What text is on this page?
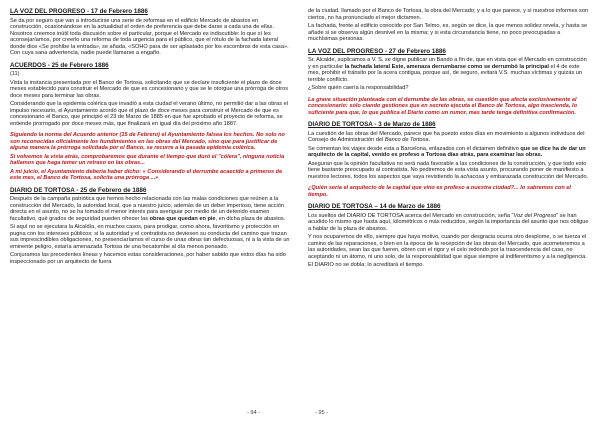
LA VOZ DEL PROGRESO - 17 de Febrero 1886

Se da por seguro que van a introducirse una serie de reformas en el edificio Mercado de abastos en construcción, ocasionándose en la actualidad el orden de preferencia que debe darse a cada una de ellas. Nosotros creemos inútil toda discusión sobre el particular, porque el Mercado es indiscutible: lo que sí les aconsejaríamos, por creerlo una reforma de toda urgencia para el público, que el rótulo de la fachada lateral donde dice «Se prohíbe la entrada», se añada, «SOHO para de ser aplastado por los escombros de esta casa». Con cuya sana advertencia, nadie puede llamarse a engaño.

ACUERDOS - 25 de Febrero 1886

(11)

Vista la instancia presentada por el Banco de Tortosa, solicitando que se declare insuficiente el plazo de doce meses establecido para construir el Mercado de que es concesionario y que se le otorgue una prórroga de otros doce meses para terminar las obras.

Considerando que la epidemia colérica que invadió a esta ciudad el verano último, no permitió dar a las obras el impulso necesario, el Ayuntamiento acordó que el plazo de doce meses para construir el Mercado de que es concesionario el Banco, que principió el 23 de Marzo de 1885 en que fue aprobado el proyecto de reforma, se entiende prorrogado por doce meses más, que finalizará en igual día del próximo año 1887.

Siguiendo la norma del Acuerdo anterior (15 de Febrero) el Ayuntamiento falsea los hechos. No solo no son reconocidas oficialmente los hundimientos en las obras del Mercado, sino que para justificar de alguna manera la prórroga solicitada por el Banco, se recurre a la pasada epidemia colérica.

Si volvemos la vista atrás, comprobaremos que durante el tiempo que duró el "cólera", ninguna noticia hallamos que haga temer un retraso en las obras...

A mi juicio, el Ayuntamiento debería haber dicho: « Considerando el derrumbe acaecido a primeros de este mes, el Banco de Tortosa, solicita una prórroga ...»

DIARIO DE TORTOSA - 25 de Febrero de 1886

Después de la campaña patriótica que hemos hecho relacionada con las malas condiciones que reúnen a la construcción del Mercado, la autoridad local, que a nuestro juicio, además de un deber imperioso, tiene acción directa en el asunto, no se ha tomado el menor interés para averiguar por medio de un detenido examen facultativo, qué grados de seguridad pueden ofrecer las obras que quedan en pie, en dicha plaza de abastos.

Si aquí no se ejecutara la Alcaldía, en muchos casos, para prodigar, como ahora, favoritismo y protección en pugna con los intereses públicos; si la autoridad y el contratista no deviesen su conducta del camino que trazan sus imprescindibles obligaciones, no presenciaríamos el curso de unas obras tan defectuosas, ni a la vista de un eminente peligro, estaría amenazada Tortosa de una hecatombe al día menos pensado.

Conjuramos las precedentes líneas y hacemos estas consideraciones, por haber sabido que estos días ha sido inspeccionado por un arquitecto de fuera

de la ciudad, llamado por el Banco de Tortosa, la obra del Mercado; y a lo que parece, y si nuestros informes son ciertos, no ha pronunciado el mejor dictamen.

La fachada, frente al edificio conocido por San Telmo, es, según se dice, la que menos solidez revela, y hasta se añade si se observa algún desnivel en la misma; y si esta circunstancia tiene, no poco preocupadas a muchísimas personas.

LA VOZ DEL PROGRESO - 27 de Febrero 1886

Sr. Alcalde, suplicamos a V. S. se digne publicar un Bando a fin de, que en vista que el Mercado en construcción y en particular la fachada lateral Este, amenaza derrumbarse como se derrumbó la principal el 4 de este mes, prohibir el tránsito por la acera contigua, porque así, de seguro, evitará V.S. muchas víctimas y quizás un terrible conflicto.

¿Sobre quién caería la responsabilidad?

La grave situación planteada con el derrumbe de las obras, se cuestión que afecta exclusivamente al concesionario: sólo ciando gestiones que en secreto ejecuta el Banco de Tortosa, algo trascienda, lo suficiente para que, lo que publica el Diario como un rumor, mas tarde tenga definitiva confirmación.

DIARIO DE TORTOSA - 3 de Marzo de 1886

La cuestión de las obras del Mercado, parece que ha puesto estos días en movimiento a algunos individuos del Consejo de Administración del Banco de Tortosa.

Se comentan los viajes desde esta a Barcelona, enlazados con el dictamen definitivo que se dice ha de dar un arquitecto de la capital, venido ex profeso a Tortosa días atrás, para examinar las obras.

Aseguran que la opinión facultativa no será nada favorable a las condiciones de la construcción, y que todo esto tiene bastante preocupado al contratista. No pediremos de esta vista asunto, procurando poner de manifiesto a nuestros lectores, todos los aspectos que vaya revistiendo la achacosa y embarazada construcción del Mercado.

¿Quién sería el arquitecto de la capital que vino ex profeso a nuestra ciudad?... lo sabremos con el tiempo.

DIARIO DE TORTOSA – 14 de Marzo de 1886

Los sueltos del DIARIO DE TORTOSA acerca del Mercado en construcción, seña "Voz del Progreso" se han acudido lo mismo que hasta aquí, kilométricos o más reducidos, según la importancia del asunto que nos obligue a hablar de la plaza de abastos.

Y nos ocuparemos de ello, siempre que haya motivo, cuando por desgracia ocurra otro desplome, o se tuerza el camino de las reparaciones, o bien en la época de la recepción de las obras del Mercado, que acometeremos a las autoridades, sean las que fueren, obren con el rigor y el celo redondo por la trascendencia del caso, no aceptando ni un átomo, ni uno solo, de la responsabilidad que sigue siempre al indiferentismo y a la negligencia.

El DIARIO no se dobla; lo acreditará el tiempo.

- 94 -	- 95 -
